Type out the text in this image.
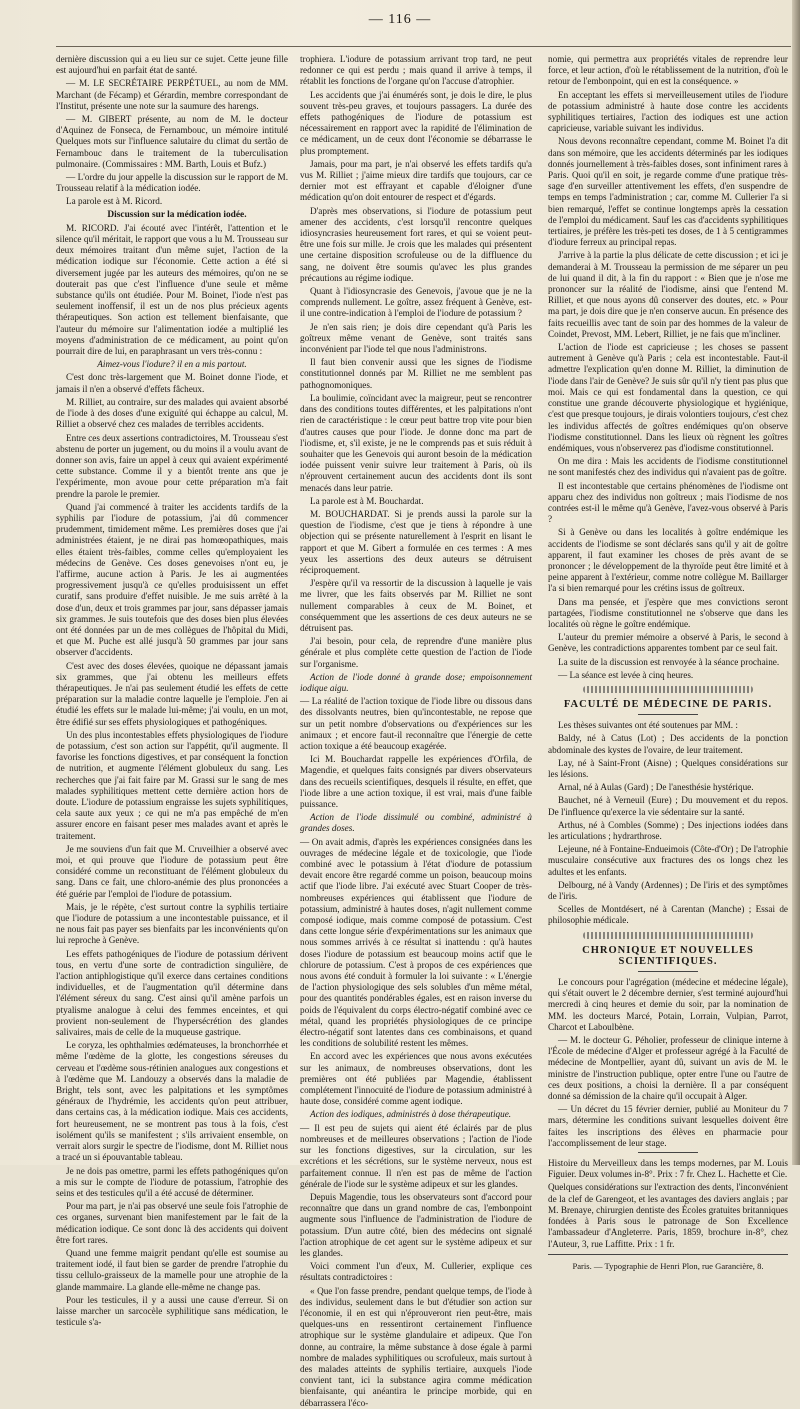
— 116 —

dernière discussion qui a eu lieu sur ce sujet. Cette jeune fille est aujourd'hui en parfait état de santé.

— M. LE SECRÉTAIRE PERPÉTUEL, au nom de MM. Marchant (de Fécamp) et Gérardin, membre correspondant de l'Institut, présente une note sur la saumure des harengs.

— M. GIBERT présente, au nom de M. le docteur d'Aquinez de Fonseca, de Fernambouc, un mémoire intitulé Quelques mots sur l'influence salutaire du climat du sertão de Fernambouc dans le traitement de la tuberculisation pulmonaire. (Commissaires : MM. Barth, Louis et Bufz.)

— L'ordre du jour appelle la discussion sur le rapport de M. Trousseau relatif à la médication iodée.

La parole est à M. Ricord.

Discussion sur la médication iodée.

M. RICORD. J'ai écouté avec l'intérêt, l'attention et le silence qu'il méritait, le rapport que vous a lu M. Trousseau sur deux mémoires traitant d'un même sujet, l'action de la médication iodique sur l'économie. Cette action a été si diversement jugée par les auteurs des mémoires, qu'on ne se douterait pas que c'est l'influence d'une seule et même substance qu'ils ont étudiée. Pour M. Boinet, l'iode n'est pas seulement inoffensif, il est un de nos plus précieux agents thérapeutiques. Son action est tellement bienfaisante, que l'auteur du mémoire sur l'alimentation iodée a multiplié les moyens d'administration de ce médicament, au point qu'on pourrait dire de lui, en paraphrasant un vers très-connu :

Aimez-vous l'iodure? il en a mis partout.

C'est donc très-largement que M. Boinet donne l'iode, et jamais il n'en a observé d'effets fâcheux.

M. Rilliet, au contraire, sur des malades qui avaient absorbé de l'iode à des doses d'une exiguïté qui échappe au calcul, M. Rilliet a observé chez ces malades de terribles accidents.

Entre ces deux assertions contradictoires, M. Trousseau s'est abstenu de porter un jugement, ou du moins il a voulu avant de donner son avis, faire un appel à ceux qui avaient expérimenté cette substance. Comme il y a bientôt trente ans que je l'expérimente, mon avoue pour cette préparation m'a fait prendre la parole le premier.

Quand j'ai commencé à traiter les accidents tardifs de la syphilis par l'iodure de potassium, j'ai dû commencer prudemment, timidement même. Les premières doses que j'ai administrées étaient, je ne dirai pas homœopathiques, mais elles étaient très-faibles, comme celles qu'employaient les médecins de Genève. Ces doses genevoises n'ont eu, je l'affirme, aucune action à Paris. Je les ai augmentées progressivement jusqu'à ce qu'elles produisissent un effet curatif, sans produire d'effet nuisible. Je me suis arrêté à la dose d'un, deux et trois grammes par jour, sans dépasser jamais six grammes. Je suis toutefois que des doses bien plus élevées ont été données par un de mes collègues de l'hôpital du Midi, et que M. Puche est allé jusqu'à 50 grammes par jour sans observer d'accidents.

C'est avec des doses élevées, quoique ne dépassant jamais six grammes, que j'ai obtenu les meilleurs effets thérapeutiques. Je n'ai pas seulement étudié les effets de cette préparation sur la maladie contre laquelle je l'emploie. J'en ai étudié les effets sur le malade lui-même; j'ai voulu, en un mot, être édifié sur ses effets physiologiques et pathogéniques.

Un des plus incontestables effets physiologiques de l'iodure de potassium, c'est son action sur l'appétit, qu'il augmente. Il favorise les fonctions digestives, et par conséquent la fonction de nutrition, et augmente l'élément globuleux du sang. Les recherches que j'ai fait faire par M. Grassi sur le sang de mes malades syphilitiques mettent cette dernière action hors de doute. L'iodure de potassium engraisse les sujets syphilitiques, cela saute aux yeux ; ce qui ne m'a pas empêché de m'en assurer encore en faisant peser mes malades avant et après le traitement.

Je me souviens d'un fait que M. Cruveilhier a observé avec moi, et qui prouve que l'iodure de potassium peut être considéré comme un reconstituant de l'élément globuleux du sang. Dans ce fait, une chloro-anémie des plus prononcées a été guérie par l'emploi de l'iodure de potassium.

Mais, je le répète, c'est surtout contre la syphilis tertiaire que l'iodure de potassium a une incontestable puissance, et il ne nous fait pas payer ses bienfaits par les inconvénients qu'on lui reproche à Genève.

Les effets pathogéniques de l'iodure de potassium dérivent tous, en vertu d'une sorte de contradiction singulière, de l'action antiphlogistique qu'il exerce dans certaines conditions individuelles, et de l'augmentation qu'il détermine dans l'élément séreux du sang. C'est ainsi qu'il amène parfois un ptyalisme analogue à celui des femmes enceintes, et qui provient non-seulement de l'hypersécrétion des glandes salivaires, mais de celle de la muqueuse gastrique.

Le coryza, les ophthalmies œdémateuses, la bronchorrhée et même l'œdème de la glotte, les congestions séreuses du cerveau et l'œdème sous-rétinien analogues aux congestions et à l'œdème que M. Landouzy a observés dans la maladie de Bright, tels sont, avec les palpitations et les symptômes généraux de l'hydrémie, les accidents qu'on peut attribuer, dans certains cas, à la médication iodique. Mais ces accidents, fort heureusement, ne se montrent pas tous à la fois, c'est isolément qu'ils se manifestent ; s'ils arrivaient ensemble, on verrait alors surgir le spectre de l'iodisme, dont M. Rilliet nous a tracé un si épouvantable tableau.

Je ne dois pas omettre, parmi les effets pathogéniques qu'on a mis sur le compte de l'iodure de potassium, l'atrophie des seins et des testicules qu'il a été accusé de déterminer.

Pour ma part, je n'ai pas observé une seule fois l'atrophie de ces organes, survenant bien manifestement par le fait de la médication iodique. Ce sont donc là des accidents qui doivent être fort rares.

Quand une femme maigrit pendant qu'elle est soumise au traitement iodé, il faut bien se garder de prendre l'atrophie du tissu cellulo-graisseux de la mamelle pour une atrophie de la glande mammaire. La glande elle-même ne change pas.

Pour les testicules, il y a aussi une cause d'erreur. Si on laisse marcher un sarcocèle syphilitique sans médication, le testicule s'a-

trophiera. L'iodure de potassium arrivant trop tard, ne peut redonner ce qui est perdu ; mais quand il arrive à temps, il rétablit les fonctions de l'organe qu'on l'accuse d'atrophier.

Les accidents que j'ai énumérés sont, je dois le dire, le plus souvent très-peu graves, et toujours passagers. La durée des effets pathogéniques de l'iodure de potassium est nécessairement en rapport avec la rapidité de l'élimination de ce médicament, un de ceux dont l'économie se débarrasse le plus promptement.

Jamais, pour ma part, je n'ai observé les effets tardifs qu'a vus M. Rilliet ; j'aime mieux dire tardifs que toujours, car ce dernier mot est effrayant et capable d'éloigner d'une médication qu'on doit entourer de respect et d'égards.

D'après mes observations, si l'iodure de potassium peut amener des accidents, c'est lorsqu'il rencontre quelques idiosyncrasies heureusement fort rares, et qui se voient peut-être une fois sur mille. Je crois que les malades qui présentent une certaine disposition scrofuleuse ou de la diffluence du sang, ne doivent être soumis qu'avec les plus grandes précautions au régime iodique.

Quant à l'idiosyncrasie des Genevois, j'avoue que je ne la comprends nullement. Le goître, assez fréquent à Genève, est-il une contre-indication à l'emploi de l'iodure de potassium ?

Je n'en sais rien; je dois dire cependant qu'à Paris les goîtreux même venant de Genève, sont traités sans inconvénient par l'iode tel que nous l'administrons.

Il faut bien convenir aussi que les signes de l'iodisme constitutionnel donnés par M. Rilliet ne me semblent pas pathognomoniques.

La boulimie, coïncidant avec la maigreur, peut se rencontrer dans des conditions toutes différentes, et les palpitations n'ont rien de caractéristique : le cœur peut battre trop vite pour bien d'autres causes que pour l'iode. Je donne donc ma part de l'iodisme, et, s'il existe, je ne le comprends pas et suis réduit à souhaiter que les Genevois qui auront besoin de la médication iodée puissent venir suivre leur traitement à Paris, où ils n'éprouvent certainement aucun des accidents dont ils sont menacés dans leur patrie.

La parole est à M. Bouchardat.

M. BOUCHARDAT. Si je prends aussi la parole sur la question de l'iodisme, c'est que je tiens à répondre à une objection qui se présente naturellement à l'esprit en lisant le rapport et que M. Gibert a formulée en ces termes : A mes yeux les assertions des deux auteurs se détruisent réciproquement.

J'espère qu'il va ressortir de la discussion à laquelle je vais me livrer, que les faits observés par M. Rilliet ne sont nullement comparables à ceux de M. Boinet, et conséquemment que les assertions de ces deux auteurs ne se détruisent pas.

J'ai besoin, pour cela, de reprendre d'une manière plus générale et plus complète cette question de l'action de l'iode sur l'organisme.

Action de l'iode donné à grande dose; empoisonnement iodique aigu.

— La réalité de l'action toxique de l'iode libre ou dissous dans des dissolvants neutres, bien qu'incontestable, ne repose que sur un petit nombre d'observations ou d'expériences sur les animaux ; et encore faut-il reconnaître que l'énergie de cette action toxique a été beaucoup exagérée.

Ici M. Bouchardat rappelle les expériences d'Orfila, de Magendie, et quelques faits consignés par divers observateurs dans des recueils scientifiques, desquels il résulte, en effet, que l'iode libre a une action toxique, il est vrai, mais d'une faible puissance.

Action de l'iode dissimulé ou combiné, administré à grandes doses.

— On avait admis, d'après les expériences consignées dans les ouvrages de médecine légale et de toxicologie, que l'iode combiné avec le potassium à l'état d'iodure de potassium devait encore être regardé comme un poison, beaucoup moins actif que l'iode libre. J'ai exécuté avec Stuart Cooper de très-nombreuses expériences qui établissent que l'iodure de potassium, administré à hautes doses, n'agit nullement comme composé iodique, mais comme composé de potassium. C'est dans cette longue série d'expérimentations sur les animaux que nous sommes arrivés à ce résultat si inattendu : qu'à hautes doses l'iodure de potassium est beaucoup moins actif que le chlorure de potassium. C'est à propos de ces expériences que nous avons été conduit à formuler la loi suivante : « L'énergie de l'action physiologique des sels solubles d'un même métal, pour des quantités pondérables égales, est en raison inverse du poids de l'équivalent du corps électro-négatif combiné avec ce métal, quand les propriétés physiologiques de ce principe électro-négatif sont latentes dans ces combinaisons, et quand les conditions de solubilité restent les mêmes.

En accord avec les expériences que nous avons exécutées sur les animaux, de nombreuses observations, dont les premières ont été publiées par Magendie, établissent complétement l'innocuité de l'iodure de potassium administré à haute dose, considéré comme agent iodique.

Action des iodiques, administrés à dose thérapeutique.

— Il est peu de sujets qui aient été éclairés par de plus nombreuses et de meilleures observations ; l'action de l'iode sur les fonctions digestives, sur la circulation, sur les excrétions et les sécrétions, sur le système nerveux, nous est parfaitement connue. Il n'en est pas de même de l'action générale de l'iode sur le système adipeux et sur les glandes.

Depuis Magendie, tous les observateurs sont d'accord pour reconnaître que dans un grand nombre de cas, l'embonpoint augmente sous l'influence de l'administration de l'iodure de potassium. D'un autre côté, bien des médecins ont signalé l'action atrophique de cet agent sur le système adipeux et sur les glandes.

Voici comment l'un d'eux, M. Cullerier, explique ces résultats contradictoires :

« Que l'on fasse prendre, pendant quelque temps, de l'iode à des individus, seulement dans le but d'étudier son action sur l'économie, il en est qui n'éprouveront rien peut-être, mais quelques-uns en ressentiront certainement l'influence atrophique sur le système glandulaire et adipeux. Que l'on donne, au contraire, la même substance à dose égale à parmi nombre de malades syphilitiques ou scrofuleux, mais surtout à des malades atteints de syphilis tertiaire, auxquels l'iode convient tant, ici la substance agira comme médication bienfaisante, qui anéantira le principe morbide, qui en débarrassera l'éco-

nomie, qui permettra aux propriétés vitales de reprendre leur force, et leur action, d'où le rétablissement de la nutrition, d'où le retour de l'embonpoint, qui en est la conséquence. »

En acceptant les effets si merveilleusement utiles de l'iodure de potassium administré à haute dose contre les accidents syphilitiques tertiaires, l'action des iodiques est une action capricieuse, variable suivant les individus.

Nous devons reconnaître cependant, comme M. Boinet l'a dit dans son mémoire, que les accidents déterminés par les iodiques donnés journellement à très-faibles doses, sont infiniment rares à Paris. Quoi qu'il en soit, je regarde comme d'une pratique très-sage d'en surveiller attentivement les effets, d'en suspendre de temps en temps l'administration ; car, comme M. Cullerier l'a si bien remarqué, l'effet se continue longtemps après la cessation de l'emploi du médicament. Sauf les cas d'accidents syphilitiques tertiaires, je préfère les très-peti tes doses, de 1 à 5 centigrammes d'iodure ferreux au principal repas.

J'arrive à la partie la plus délicate de cette discussion ; et ici je demanderai à M. Trousseau la permission de me séparer un peu de lui quand il dit, à la fin du rapport : « Bien que je n'ose me prononcer sur la réalité de l'iodisme, ainsi que l'entend M. Rilliet, et que nous ayons dû conserver des doutes, etc. » Pour ma part, je dois dire que je n'en conserve aucun. En présence des faits recueillis avec tant de soin par des hommes de la valeur de Coindet, Prevost, MM. Lebert, Rilliet, je ne fais que m'incliner.

L'action de l'iode est capricieuse ; les choses se passent autrement à Genève qu'à Paris ; cela est incontestable. Faut-il admettre l'explication qu'en donne M. Rilliet, la diminution de l'iode dans l'air de Genève? Je suis sûr qu'il n'y tient pas plus que moi. Mais ce qui est fondamental dans la question, ce qui constitue une grande découverte physiologique et hygiénique, c'est que presque toujours, je dirais volontiers toujours, c'est chez les individus affectés de goîtres endémiques qu'on observe l'iodisme constitutionnel. Dans les lieux où règnent les goîtres endémiques, vous n'observerez pas d'iodisme constitutionnel.

On me dira : Mais les accidents de l'iodisme constitutionnel ne sont manifestés chez des individus qui n'avaient pas de goître.

Il est incontestable que certains phénomènes de l'iodisme ont apparu chez des individus non goîtreux ; mais l'iodisme de nos contrées est-il le même qu'à Genève, l'avez-vous observé à Paris ?

Si à Genève ou dans les localités à goître endémique les accidents de l'iodisme se sont déclarés sans qu'il y ait de goître apparent, il faut examiner les choses de près avant de se prononcer ; le développement de la thyroïde peut être limité et à peine apparent à l'extérieur, comme notre collègue M. Baillarger l'a si bien remarqué pour les crétins issus de goîtreux.

Dans ma pensée, et j'espère que mes convictions seront partagées, l'iodisme constitutionnel ne s'observe que dans les localités où règne le goître endémique.

L'auteur du premier mémoire a observé à Paris, le second à Genève, les contradictions apparentes tombent par ce seul fait.

La suite de la discussion est renvoyée à la séance prochaine.

— La séance est levée à cinq heures.

FACULTÉ DE MÉDECINE DE PARIS.

Les thèses suivantes ont été soutenues par MM. :

Baldy, né à Catus (Lot) ; Des accidents de la ponction abdominale des kystes de l'ovaire, de leur traitement.

Lay, né à Saint-Front (Aisne) ; Quelques considérations sur les lésions.

Arnal, né à Aulas (Gard) ; De l'anesthésie hystérique.

Bauchet, né à Verneuil (Eure) ; Du mouvement et du repos. De l'influence qu'exerce la vie sédentaire sur la santé.

Arthus, né à Combles (Somme) ; Des injections iodées dans les articulations ; hydrarthrose.

Lejeune, né à Fontaine-Endueimois (Côte-d'Or) ; De l'atrophie musculaire consécutive aux fractures des os longs chez les adultes et les enfants.

Delbourg, né à Vandy (Ardennes) ; De l'iris et des symptômes de l'iris.

Scelles de Montdésert, né à Carentan (Manche) ; Essai de philosophie médicale.

CHRONIQUE ET NOUVELLES SCIENTIFIQUES.

Le concours pour l'agrégation (médecine et médecine légale), qui s'était ouvert le 2 décembre dernier, s'est terminé aujourd'hui mercredi à cinq heures et demie du soir, par la nomination de MM. les docteurs Marcé, Potain, Lorrain, Vulpian, Parrot, Charcot et Laboulbène.

— M. le docteur G. Péholier, professeur de clinique interne à l'École de médecine d'Alger et professeur agrégé à la Faculté de médecine de Montpellier, ayant dû, suivant un avis de M. le ministre de l'instruction publique, opter entre l'une ou l'autre de ces deux positions, a choisi la dernière. Il a par conséquent donné sa démission de la chaire qu'il occupait à Alger.

— Un décret du 15 février dernier, publié au Moniteur du 7 mars, détermine les conditions suivant lesquelles doivent être faites les inscriptions des élèves en pharmacie pour l'accomplissement de leur stage.

Histoire du Merveilleux dans les temps modernes, par M. Louis Figuier. Deux volumes in-8°. Prix : 7 fr. Chez L. Hachette et Cie.

Quelques considérations sur l'extraction des dents, l'inconvénient de la clef de Garengeot, et les avantages des daviers anglais ; par M. Brenaye, chirurgien dentiste des Écoles gratuites britanniques fondées à Paris sous le patronage de Son Excellence l'ambassadeur d'Angleterre. Paris, 1859, brochure in-8°, chez l'Auteur, 3, rue Laffitte. Prix : 1 fr.

Paris. — Typographie de Henri Plon, rue Garancière, 8.
